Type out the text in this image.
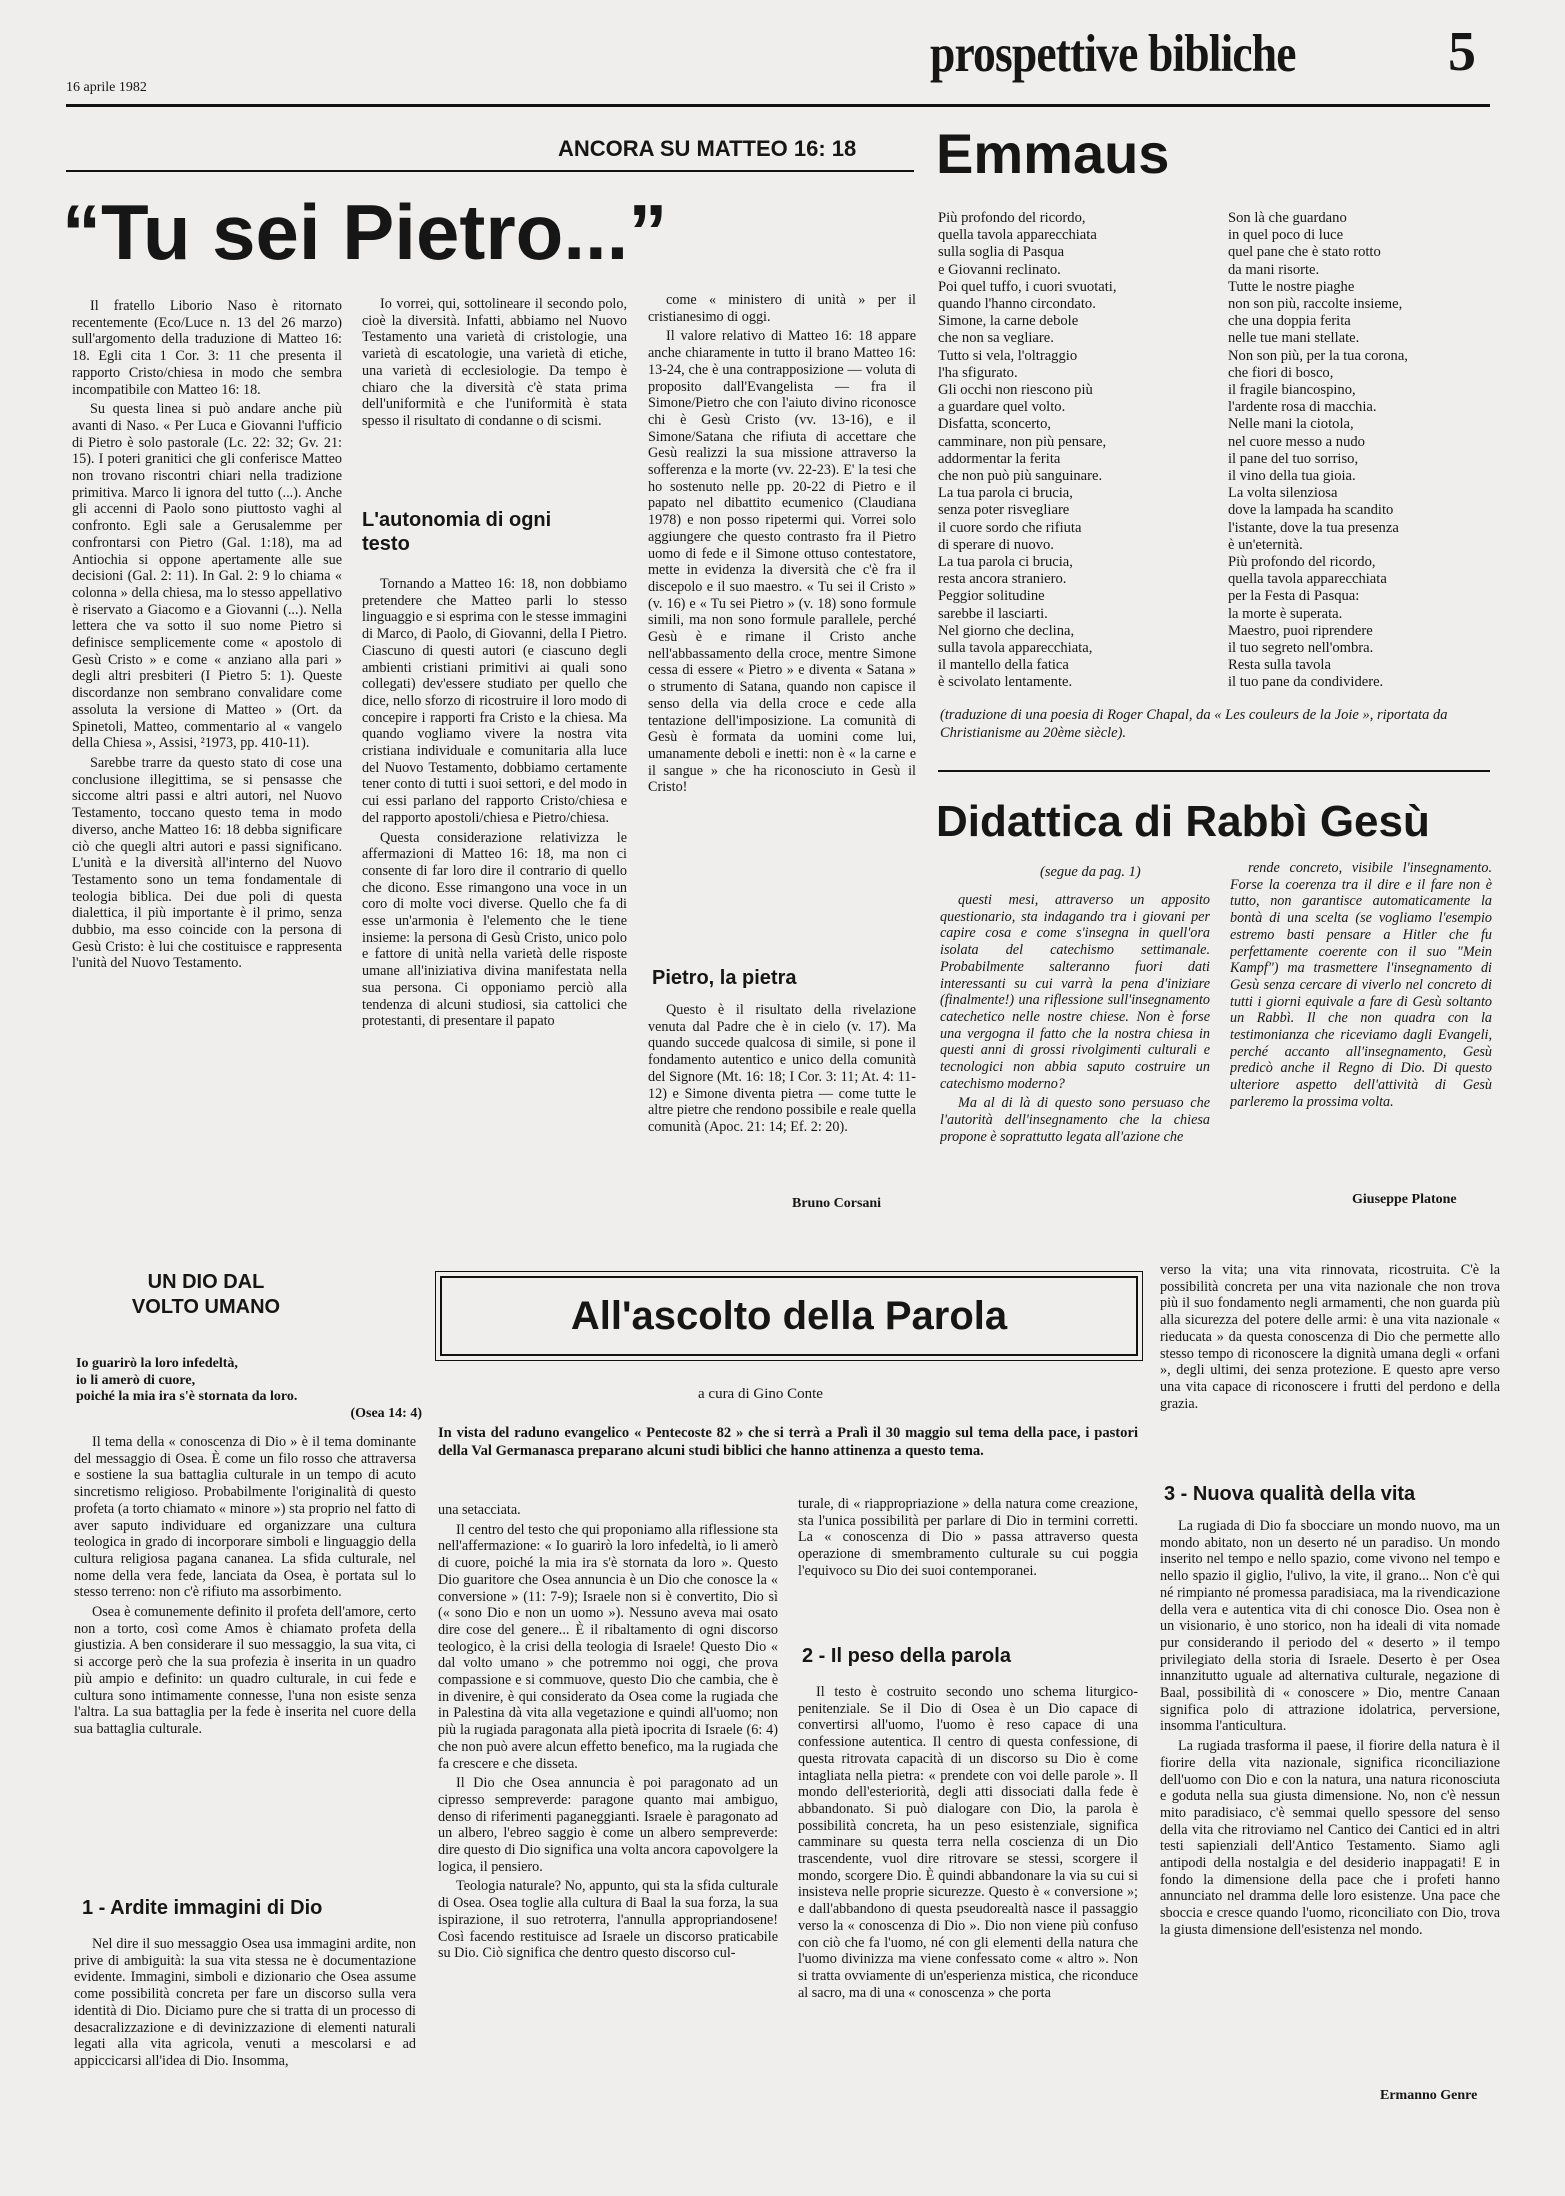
16 aprile 1982
prospettive bibliche	5
ANCORA SU MATTEO 16: 18
“Tu sei Pietro...”

Il fratello Liborio Naso è ritornato recentemente (Eco/Luce n. 13 del 26 marzo) sull'argomento della traduzione di Matteo 16: 18. Egli cita 1 Cor. 3: 11 che presenta il rapporto Cristo/chiesa in modo che sembra incompatibile con Matteo 16: 18.

Su questa linea si può andare anche più avanti di Naso. « Per Luca e Giovanni l'ufficio di Pietro è solo pastorale (Lc. 22: 32; Gv. 21: 15). I poteri granitici che gli conferisce Matteo non trovano riscontri chiari nella tradizione primitiva. Marco li ignora del tutto (...). Anche gli accenni di Paolo sono piuttosto vaghi al confronto. Egli sale a Gerusalemme per confrontarsi con Pietro (Gal. 1:18), ma ad Antiochia si oppone apertamente alle sue decisioni (Gal. 2: 11). In Gal. 2: 9 lo chiama « colonna » della chiesa, ma lo stesso appellativo è riservato a Giacomo e a Giovanni (...). Nella lettera che va sotto il suo nome Pietro si definisce semplicemente come « apostolo di Gesù Cristo » e come « anziano alla pari » degli altri presbiteri (I Pietro 5: 1). Queste discordanze non sembrano convalidare come assoluta la versione di Matteo » (Ort. da Spinetoli, Matteo, commentario al « vangelo della Chiesa », Assisi, ²1973, pp. 410-11).

Sarebbe trarre da questo stato di cose una conclusione illegittima, se si pensasse che siccome altri passi e altri autori, nel Nuovo Testamento, toccano questo tema in modo diverso, anche Matteo 16: 18 debba significare ciò che quegli altri autori e passi significano. L'unità e la diversità all'interno del Nuovo Testamento sono un tema fondamentale di teologia biblica. Dei due poli di questa dialettica, il più importante è il primo, senza dubbio, ma esso coincide con la persona di Gesù Cristo: è lui che costituisce e rappresenta l'unità del Nuovo Testamento.

Io vorrei, qui, sottolineare il secondo polo, cioè la diversità. Infatti, abbiamo nel Nuovo Testamento una varietà di cristologie, una varietà di escatologie, una varietà di etiche, una varietà di ecclesiologie. Da tempo è chiaro che la diversità c'è stata prima dell'uniformità e che l'uniformità è stata spesso il risultato di condanne o di scismi.

L'autonomia di ogni testo

Tornando a Matteo 16: 18, non dobbiamo pretendere che Matteo parli lo stesso linguaggio e si esprima con le stesse immagini di Marco, di Paolo, di Giovanni, della I Pietro. Ciascuno di questi autori (e ciascuno degli ambienti cristiani primitivi ai quali sono collegati) dev'essere studiato per quello che dice, nello sforzo di ricostruire il loro modo di concepire i rapporti fra Cristo e la chiesa. Ma quando vogliamo vivere la nostra vita cristiana individuale e comunitaria alla luce del Nuovo Testamento, dobbiamo certamente tener conto di tutti i suoi settori, e del modo in cui essi parlano del rapporto Cristo/chiesa e del rapporto apostoli/chiesa e Pietro/chiesa.

Questa considerazione relativizza le affermazioni di Matteo 16: 18, ma non ci consente di far loro dire il contrario di quello che dicono. Esse rimangono una voce in un coro di molte voci diverse. Quello che fa di esse un'armonia è l'elemento che le tiene insieme: la persona di Gesù Cristo, unico polo e fattore di unità nella varietà delle risposte umane all'iniziativa divina manifestata nella sua persona. Ci opponiamo perciò alla tendenza di alcuni studiosi, sia cattolici che protestanti, di presentare il papato

come « ministero di unità » per il cristianesimo di oggi.

Il valore relativo di Matteo 16: 18 appare anche chiaramente in tutto il brano Matteo 16: 13-24, che è una contrapposizione — voluta di proposito dall'Evangelista — fra il Simone/Pietro che con l'aiuto divino riconosce chi è Gesù Cristo (vv. 13-16), e il Simone/Satana che rifiuta di accettare che Gesù realizzi la sua missione attraverso la sofferenza e la morte (vv. 22-23). E' la tesi che ho sostenuto nelle pp. 20-22 di Pietro e il papato nel dibattito ecumenico (Claudiana 1978) e non posso ripetermi qui. Vorrei solo aggiungere che questo contrasto fra il Pietro uomo di fede e il Simone ottuso contestatore, mette in evidenza la diversità che c'è fra il discepolo e il suo maestro. « Tu sei il Cristo » (v. 16) e « Tu sei Pietro » (v. 18) sono formule simili, ma non sono formule parallele, perché Gesù è e rimane il Cristo anche nell'abbassamento della croce, mentre Simone cessa di essere « Pietro » e diventa « Satana » o strumento di Satana, quando non capisce il senso della via della croce e cede alla tentazione dell'imposizione. La comunità di Gesù è formata da uomini come lui, umanamente deboli e inetti: non è « la carne e il sangue » che ha riconosciuto in Gesù il Cristo!

Pietro, la pietra

Questo è il risultato della rivelazione venuta dal Padre che è in cielo (v. 17). Ma quando succede qualcosa di simile, si pone il fondamento autentico e unico della comunità del Signore (Mt. 16: 18; I Cor. 3: 11; At. 4: 11-12) e Simone diventa pietra — come tutte le altre pietre che rendono possibile e reale quella comunità (Apoc. 21: 14; Ef. 2: 20).

Bruno Corsani
Emmaus
Più profondo del ricordo,
quella tavola apparecchiata
sulla soglia di Pasqua
e Giovanni reclinato.
Poi quel tuffo, i cuori svuotati,
quando l'hanno circondato.
Simone, la carne debole
che non sa vegliare.
Tutto si vela, l'oltraggio
l'ha sfigurato.
Gli occhi non riescono più
a guardare quel volto.
Disfatta, sconcerto,
camminare, non più pensare,
addormentar la ferita
che non può più sanguinare.
La tua parola ci brucia,
senza poter risvegliare
il cuore sordo che rifiuta
di sperare di nuovo.
La tua parola ci brucia,
resta ancora straniero.
Peggior solitudine
sarebbe il lasciarti.
Nel giorno che declina,
sulla tavola apparecchiata,
il mantello della fatica
è scivolato lentamente.
Son là che guardano
in quel poco di luce
quel pane che è stato rotto
da mani risorte.
Tutte le nostre piaghe
non son più, raccolte insieme,
che una doppia ferita
nelle tue mani stellate.
Non son più, per la tua corona,
che fiori di bosco,
il fragile biancospino,
l'ardente rosa di macchia.
Nelle mani la ciotola,
nel cuore messo a nudo
il pane del tuo sorriso,
il vino della tua gioia.
La volta silenziosa
dove la lampada ha scandito
l'istante, dove la tua presenza
è un'eternità.
Più profondo del ricordo,
quella tavola apparecchiata
per la Festa di Pasqua:
la morte è superata.
Maestro, puoi riprendere
il tuo segreto nell'ombra.
Resta sulla tavola
il tuo pane da condividere.
(traduzione di una poesia di Roger Chapal, da « Les couleurs de la Joie », riportata da Christianisme au 20ème siècle).
Didattica di Rabbì Gesù
(segue da pag. 1)

questi mesi, attraverso un apposito questionario, sta indagando tra i giovani per capire cosa e come s'insegna in quell'ora isolata del catechismo settimanale. Probabilmente salteranno fuori dati interessanti su cui varrà la pena d'iniziare (finalmente!) una riflessione sull'insegnamento catechetico nelle nostre chiese. Non è forse una vergogna il fatto che la nostra chiesa in questi anni di grossi rivolgimenti culturali e tecnologici non abbia saputo costruire un catechismo moderno?

Ma al di là di questo sono persuaso che l'autorità dell'insegnamento che la chiesa propone è soprattutto legata all'azione che

rende concreto, visibile l'insegnamento. Forse la coerenza tra il dire e il fare non è tutto, non garantisce automaticamente la bontà di una scelta (se vogliamo l'esempio estremo basti pensare a Hitler che fu perfettamente coerente con il suo "Mein Kampf") ma trasmettere l'insegnamento di Gesù senza cercare di viverlo nel concreto di tutti i giorni equivale a fare di Gesù soltanto un Rabbì. Il che non quadra con la testimonianza che riceviamo dagli Evangeli, perché accanto all'insegnamento, Gesù predicò anche il Regno di Dio. Di questo ulteriore aspetto dell'attività di Gesù parleremo la prossima volta.

Giuseppe Platone
UN DIO DAL VOLTO UMANO
Io guarirò la loro infedeltà,
io li amerò di cuore,
poiché la mia ira s'è stornata da loro.
(Osea 14: 4)
All'ascolto della Parola
a cura di Gino Conte
In vista del raduno evangelico « Pentecoste 82 » che si terrà a Pralì il 30 maggio sul tema della pace, i pastori della Val Germanasca preparano alcuni studi biblici che hanno attinenza a questo tema.

Il tema della « conoscenza di Dio » è il tema dominante del messaggio di Osea. È come un filo rosso che attraversa e sostiene la sua battaglia culturale in un tempo di acuto sincretismo religioso. Probabilmente l'originalità di questo profeta (a torto chiamato « minore ») sta proprio nel fatto di aver saputo individuare ed organizzare una cultura teologica in grado di incorporare simboli e linguaggio della cultura religiosa pagana cananea. La sfida culturale, nel nome della vera fede, lanciata da Osea, è portata sul lo stesso terreno: non c'è rifiuto ma assorbimento.

Osea è comunemente definito il profeta dell'amore, certo non a torto, così come Amos è chiamato profeta della giustizia. A ben considerare il suo messaggio, la sua vita, ci si accorge però che la sua profezia è inserita in un quadro più ampio e definito: un quadro culturale, in cui fede e cultura sono intimamente connesse, l'una non esiste senza l'altra. La sua battaglia per la fede è inserita nel cuore della sua battaglia culturale.

1 - Ardite immagini di Dio

Nel dire il suo messaggio Osea usa immagini ardite, non prive di ambiguità: la sua vita stessa ne è documentazione evidente. Immagini, simboli e dizionario che Osea assume come possibilità concreta per fare un discorso sulla vera identità di Dio. Diciamo pure che si tratta di un processo di desacralizzazione e di devinizzazione di elementi naturali legati alla vita agricola, venuti a mescolarsi e ad appiccicarsi all'idea di Dio. Insomma,

una setacciata.

Il centro del testo che qui proponiamo alla riflessione sta nell'affermazione: « Io guarirò la loro infedeltà, io li amerò di cuore, poiché la mia ira s'è stornata da loro ». Questo Dio guaritore che Osea annuncia è un Dio che conosce la « conversione » (11: 7-9); Israele non si è convertito, Dio sì (« sono Dio e non un uomo »). Nessuno aveva mai osato dire cose del genere... È il ribaltamento di ogni discorso teologico, è la crisi della teologia di Israele! Questo Dio « dal volto umano » che potremmo noi oggi, che prova compassione e si commuove, questo Dio che cambia, che è in divenire, è qui considerato da Osea come la rugiada che in Palestina dà vita alla vegetazione e quindi all'uomo; non più la rugiada paragonata alla pietà ipocrita di Israele (6: 4) che non può avere alcun effetto benefico, ma la rugiada che fa crescere e che disseta.

Il Dio che Osea annuncia è poi paragonato ad un cipresso sempreverde: paragone quanto mai ambiguo, denso di riferimenti paganeggianti. Israele è paragonato ad un albero, l'ebreo saggio è come un albero sempreverde: dire questo di Dio significa una volta ancora capovolgere la logica, il pensiero.

Teologia naturale? No, appunto, qui sta la sfida culturale di Osea. Osea toglie alla cultura di Baal la sua forza, la sua ispirazione, il suo retroterra, l'annulla appropriandosene! Così facendo restituisce ad Israele un discorso praticabile su Dio. Ciò significa che dentro questo discorso cul-

turale, di « riappropriazione » della natura come creazione, sta l'unica possibilità per parlare di Dio in termini corretti. La « conoscenza di Dio » passa attraverso questa operazione di smembramento culturale su cui poggia l'equivoco su Dio dei suoi contemporanei.

2 - Il peso della parola

Il testo è costruito secondo uno schema liturgico-penitenziale. Se il Dio di Osea è un Dio capace di convertirsi all'uomo, l'uomo è reso capace di una confessione autentica. Il centro di questa confessione, di questa ritrovata capacità di un discorso su Dio è come intagliata nella pietra: « prendete con voi delle parole ». Il mondo dell'esteriorità, degli atti dissociati dalla fede è abbandonato. Si può dialogare con Dio, la parola è possibilità concreta, ha un peso esistenziale, significa camminare su questa terra nella coscienza di un Dio trascendente, vuol dire ritrovare se stessi, scorgere il mondo, scorgere Dio. È quindi abbandonare la via su cui si insisteva nelle proprie sicurezze. Questo è « conversione »; e dall'abbandono di questa pseudorealtà nasce il passaggio verso la « conoscenza di Dio ». Dio non viene più confuso con ciò che fa l'uomo, né con gli elementi della natura che l'uomo divinizza ma viene confessato come « altro ». Non si tratta ovviamente di un'esperienza mistica, che riconduce al sacro, ma di una « conoscenza » che porta

verso la vita; una vita rinnovata, ricostruita. C'è la possibilità concreta per una vita nazionale che non trova più il suo fondamento negli armamenti, che non guarda più alla sicurezza del potere delle armi: è una vita nazionale « rieducata » da questa conoscenza di Dio che permette allo stesso tempo di riconoscere la dignità umana degli « orfani », degli ultimi, dei senza protezione. E questo apre verso una vita capace di riconoscere i frutti del perdono e della grazia.

3 - Nuova qualità della vita

La rugiada di Dio fa sbocciare un mondo nuovo, ma un mondo abitato, non un deserto né un paradiso. Un mondo inserito nel tempo e nello spazio, come vivono nel tempo e nello spazio il giglio, l'ulivo, la vite, il grano... Non c'è qui né rimpianto né promessa paradisiaca, ma la rivendicazione della vera e autentica vita di chi conosce Dio. Osea non è un visionario, è uno storico, non ha ideali di vita nomade pur considerando il periodo del « deserto » il tempo privilegiato della storia di Israele. Deserto è per Osea innanzitutto uguale ad alternativa culturale, negazione di Baal, possibilità di « conoscere » Dio, mentre Canaan significa polo di attrazione idolatrica, perversione, insomma l'anticultura.

La rugiada trasforma il paese, il fiorire della natura è il fiorire della vita nazionale, significa riconciliazione dell'uomo con Dio e con la natura, una natura riconosciuta e goduta nella sua giusta dimensione. No, non c'è nessun mito paradisiaco, c'è semmai quello spessore del senso della vita che ritroviamo nel Cantico dei Cantici ed in altri testi sapienziali dell'Antico Testamento. Siamo agli antipodi della nostalgia e del desiderio inappagati! E in fondo la dimensione della pace che i profeti hanno annunciato nel dramma delle loro esistenze. Una pace che sboccia e cresce quando l'uomo, riconciliato con Dio, trova la giusta dimensione dell'esistenza nel mondo.

Ermanno Genre
